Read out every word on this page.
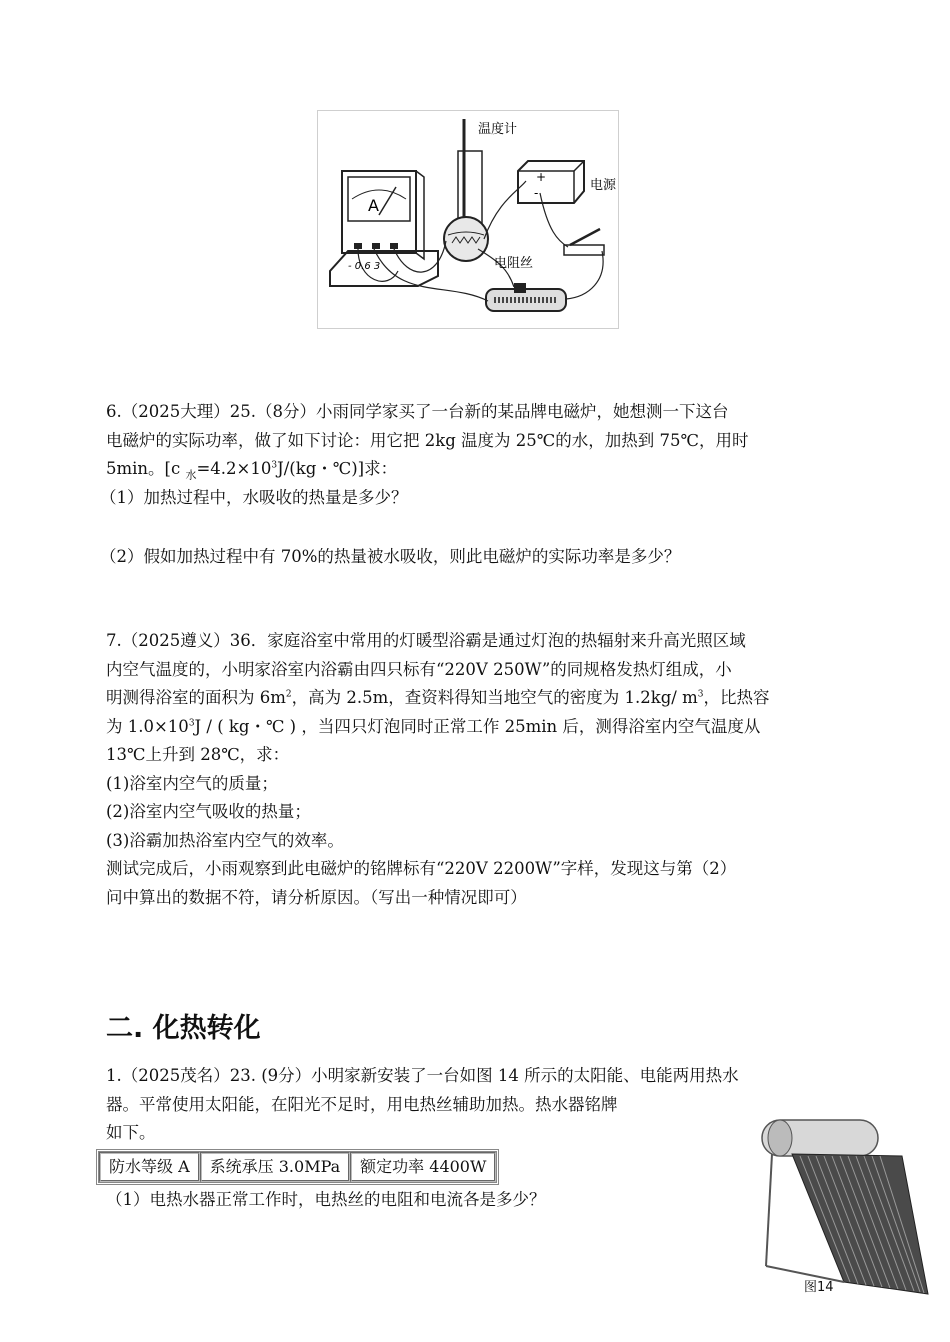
A
- 0.6 3
温度计
电源
+
-
电阻丝
6.（2025大理）25.（8分）小雨同学家买了一台新的某品牌电磁炉，她想测一下这台
电磁炉的实际功率，做了如下讨论：用它把 2kg 温度为 25℃的水，加热到 75℃，用时
5min。[c $_水=4.2\times 10^3J/(kg$・℃)]求：
（1）加热过程中，水吸收的热量是多少？
（2）假如加热过程中有 70%的热量被水吸收，则此电磁炉的实际功率是多少？
7.（2025遵义）36．家庭浴室中常用的灯暖型浴霸是通过灯泡的热辐射来升高光照区域
内空气温度的，小明家浴室内浴霸由四只标有“220V 250W”的同规格发热灯组成，小
明测得浴室的面积为 $6m^2$，高为 2.5m，查资料得知当地空气的密度为 1.2kg/ $m^3$，比热容
为 $1.0\times 10^3J$ / ( kg・℃ ) ，当四只灯泡同时正常工作 25min 后，测得浴室内空气温度从
13℃上升到 28℃，求：
(1)浴室内空气的质量；
(2)浴室内空气吸收的热量；
(3)浴霸加热浴室内空气的效率。
测试完成后，小雨观察到此电磁炉的铭牌标有“220V 2200W”字样，发现这与第（2）
问中算出的数据不符，请分析原因。（写出一种情况即可）
二. 化热转化
1.（2025茂名）23. (9分）小明家新安装了一台如图 14 所示的太阳能、电能两用热水
器。平常使用太阳能，在阳光不足时，用电热丝辅助加热。热水器铭牌
如下。
防水等级 A	系统承压 3.0MPa	额定功率 4400W
（1）电热水器正常工作时，电热丝的电阻和电流各是多少？
图14
